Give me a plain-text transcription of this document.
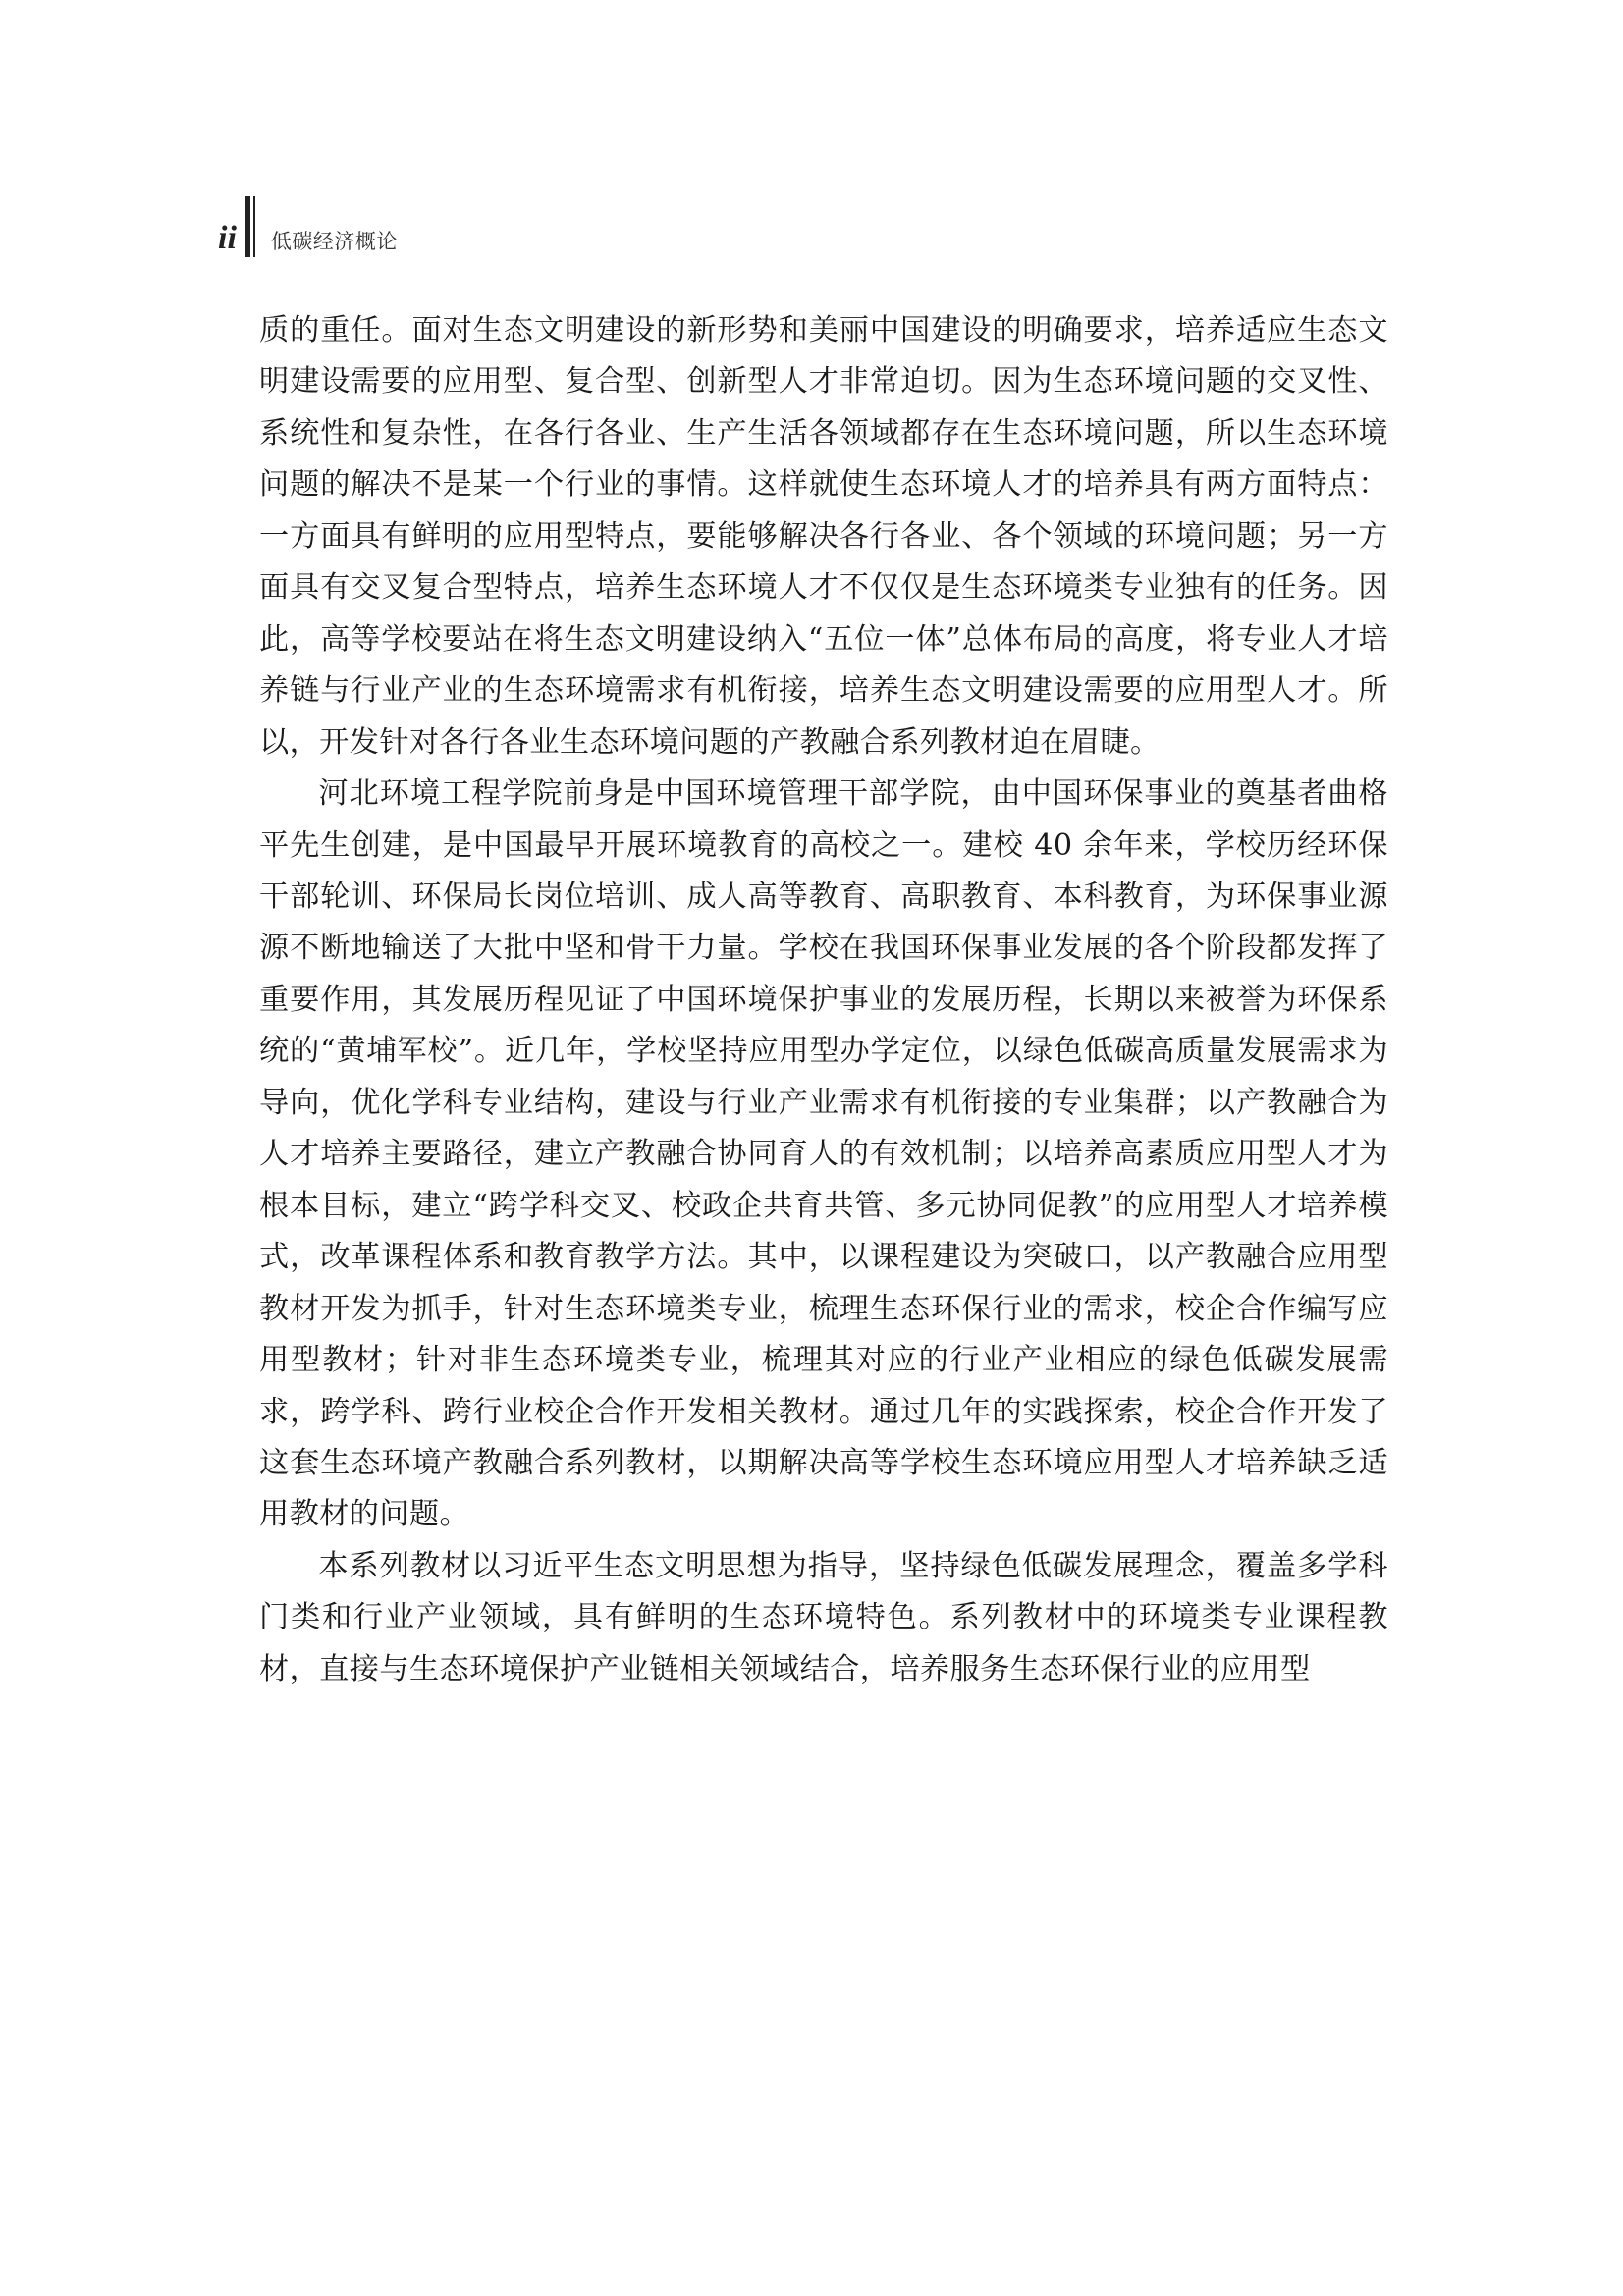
ii 低碳经济概论

质的重任。面对生态文明建设的新形势和美丽中国建设的明确要求，培养适应生态文明建设需要的应用型、复合型、创新型人才非常迫切。因为生态环境问题的交叉性、系统性和复杂性，在各行各业、生产生活各领域都存在生态环境问题，所以生态环境问题的解决不是某一个行业的事情。这样就使生态环境人才的培养具有两方面特点：一方面具有鲜明的应用型特点，要能够解决各行各业、各个领域的环境问题；另一方面具有交叉复合型特点，培养生态环境人才不仅仅是生态环境类专业独有的任务。因此，高等学校要站在将生态文明建设纳入“五位一体”总体布局的高度，将专业人才培养链与行业产业的生态环境需求有机衔接，培养生态文明建设需要的应用型人才。所以，开发针对各行各业生态环境问题的产教融合系列教材迫在眉睫。

河北环境工程学院前身是中国环境管理干部学院，由中国环保事业的奠基者曲格平先生创建，是中国最早开展环境教育的高校之一。建校 40 余年来，学校历经环保干部轮训、环保局长岗位培训、成人高等教育、高职教育、本科教育，为环保事业源源不断地输送了大批中坚和骨干力量。学校在我国环保事业发展的各个阶段都发挥了重要作用，其发展历程见证了中国环境保护事业的发展历程，长期以来被誉为环保系统的“黄埔军校”。近几年，学校坚持应用型办学定位，以绿色低碳高质量发展需求为导向，优化学科专业结构，建设与行业产业需求有机衔接的专业集群；以产教融合为人才培养主要路径，建立产教融合协同育人的有效机制；以培养高素质应用型人才为根本目标，建立“跨学科交叉、校政企共育共管、多元协同促教”的应用型人才培养模式，改革课程体系和教育教学方法。其中，以课程建设为突破口，以产教融合应用型教材开发为抓手，针对生态环境类专业，梳理生态环保行业的需求，校企合作编写应用型教材；针对非生态环境类专业，梳理其对应的行业产业相应的绿色低碳发展需求，跨学科、跨行业校企合作开发相关教材。通过几年的实践探索，校企合作开发了这套生态环境产教融合系列教材，以期解决高等学校生态环境应用型人才培养缺乏适用教材的问题。

本系列教材以习近平生态文明思想为指导，坚持绿色低碳发展理念，覆盖多学科门类和行业产业领域，具有鲜明的生态环境特色。系列教材中的环境类专业课程教材，直接与生态环境保护产业链相关领域结合，培养服务生态环保行业的应用型
